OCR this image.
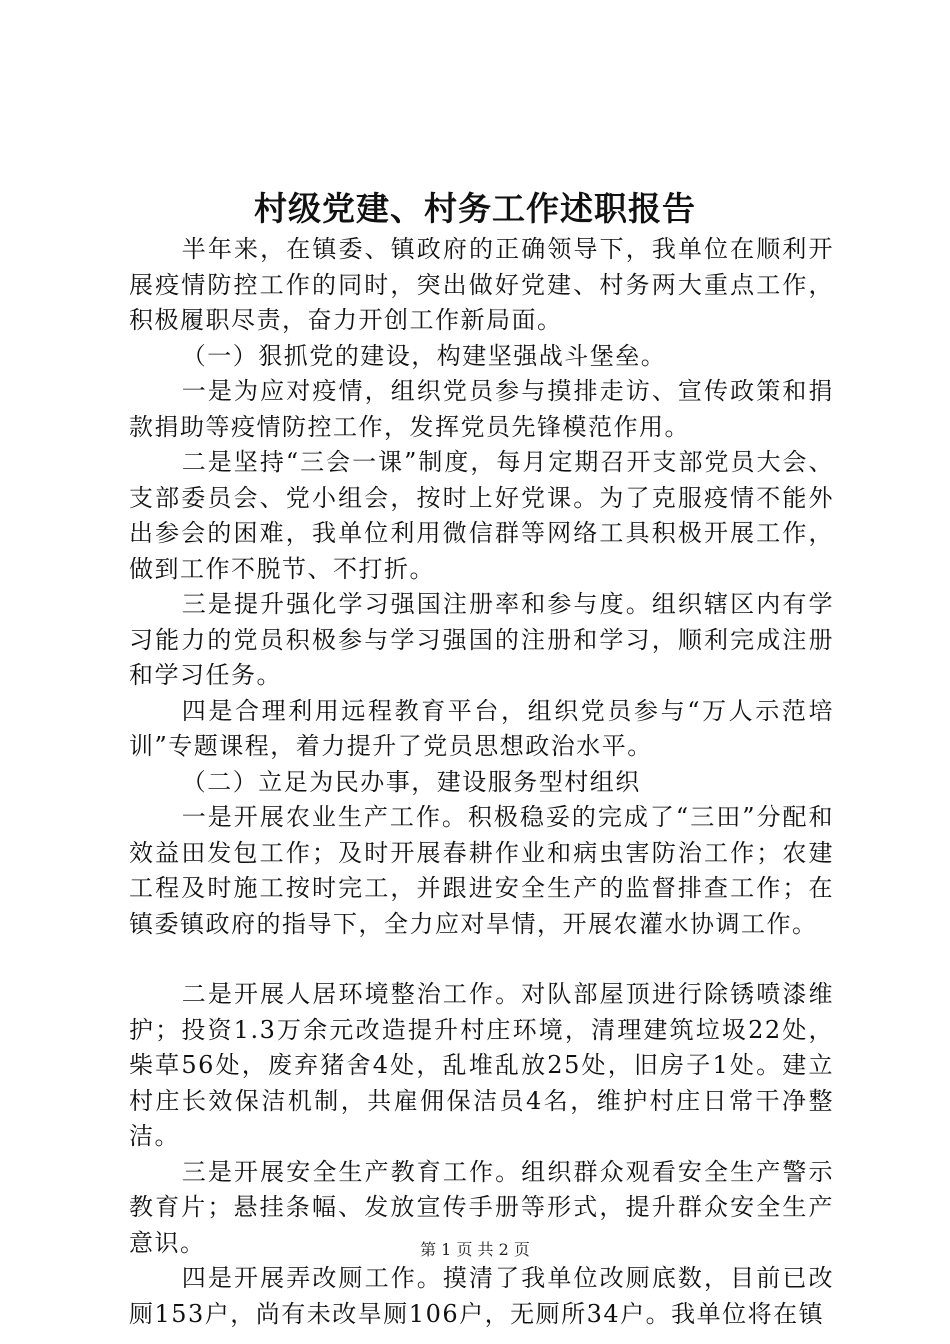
村级党建、村务工作述职报告

半年来，在镇委、镇政府的正确领导下，我单位在顺利开展疫情防控工作的同时，突出做好党建、村务两大重点工作，积极履职尽责，奋力开创工作新局面。

（一）狠抓党的建设，构建坚强战斗堡垒。

一是为应对疫情，组织党员参与摸排走访、宣传政策和捐款捐助等疫情防控工作，发挥党员先锋模范作用。

二是坚持“三会一课”制度，每月定期召开支部党员大会、支部委员会、党小组会，按时上好党课。为了克服疫情不能外出参会的困难，我单位利用微信群等网络工具积极开展工作，做到工作不脱节、不打折。

三是提升强化学习强国注册率和参与度。组织辖区内有学习能力的党员积极参与学习强国的注册和学习，顺利完成注册和学习任务。

四是合理利用远程教育平台，组织党员参与“万人示范培训”专题课程，着力提升了党员思想政治水平。

（二）立足为民办事，建设服务型村组织

一是开展农业生产工作。积极稳妥的完成了“三田”分配和效益田发包工作；及时开展春耕作业和病虫害防治工作；农建工程及时施工按时完工，并跟进安全生产的监督排查工作；在镇委镇政府的指导下，全力应对旱情，开展农灌水协调工作。

二是开展人居环境整治工作。对队部屋顶进行除锈喷漆维护；投资1.3万余元改造提升村庄环境，清理建筑垃圾22处，柴草56处，废弃猪舍4处，乱堆乱放25处，旧房子1处。建立村庄长效保洁机制，共雇佣保洁员4名，维护村庄日常干净整洁。

三是开展安全生产教育工作。组织群众观看安全生产警示教育片；悬挂条幅、发放宣传手册等形式，提升群众安全生产意识。

四是开展弄改厕工作。摸清了我单位改厕底数，目前已改厕153户，尚有未改旱厕106户，无厕所34户。我单位将在镇

第 1 页 共 2 页
